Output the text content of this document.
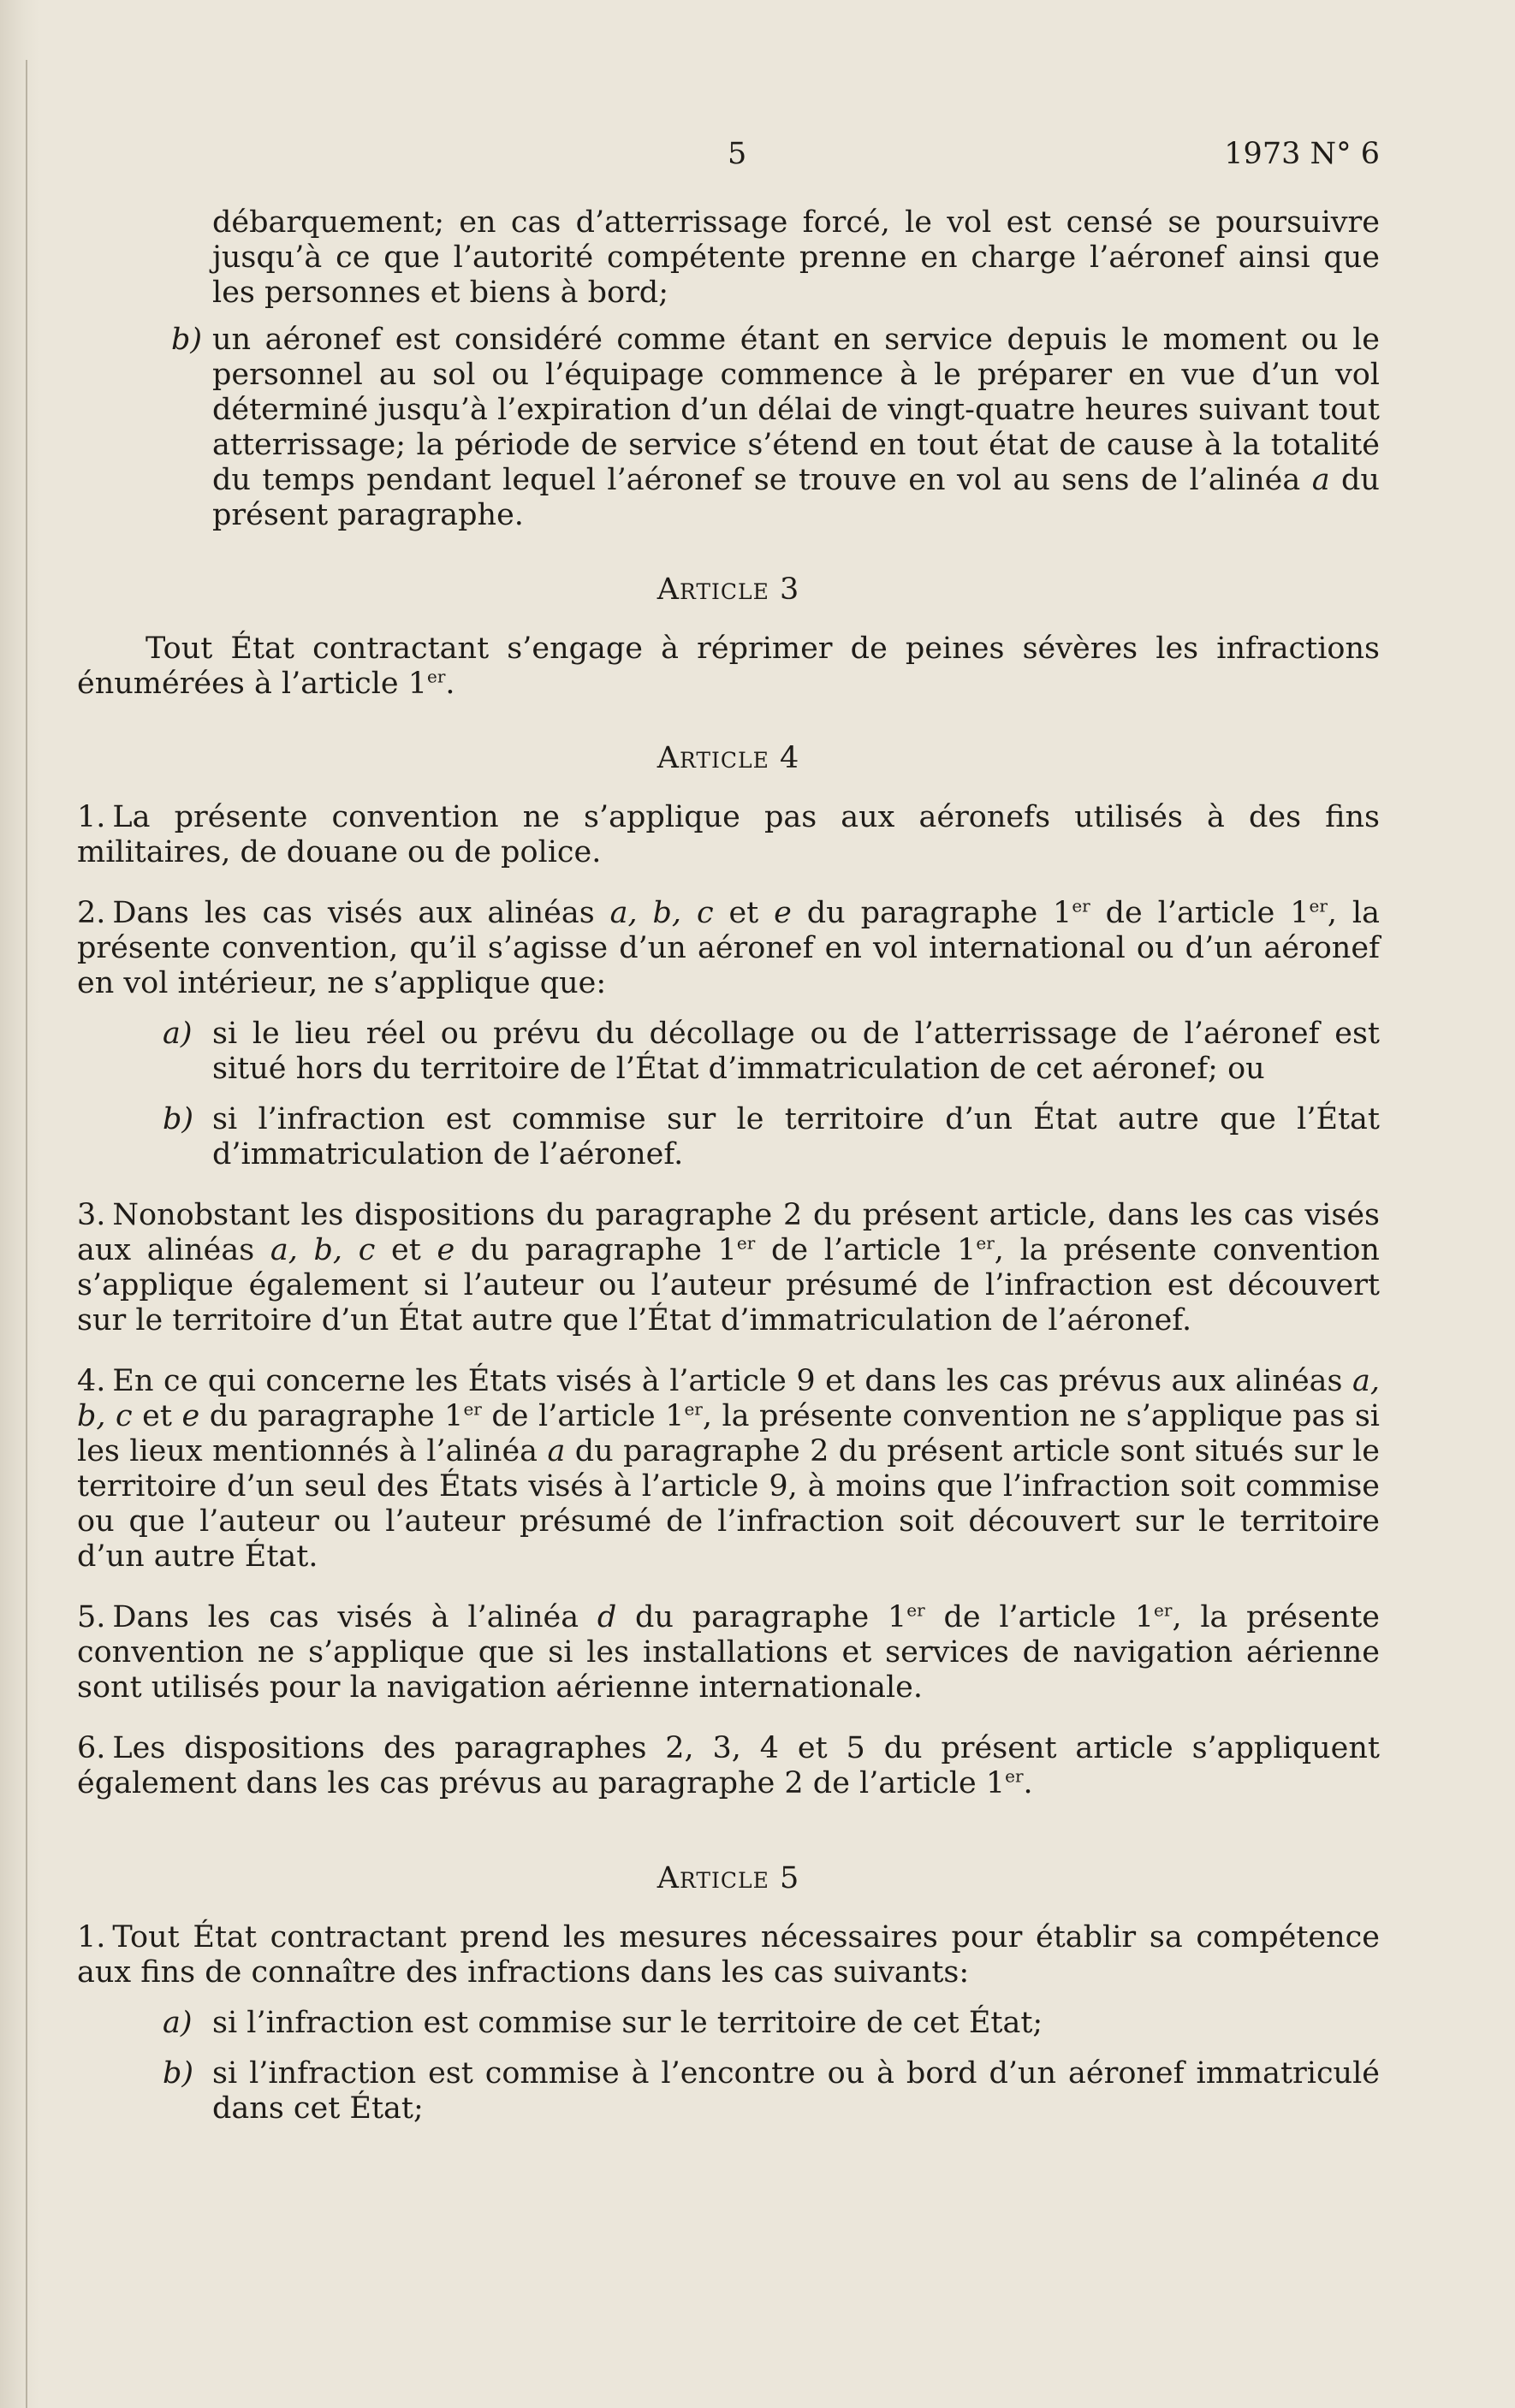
5	1973 N° 6

débarquement; en cas d’atterrissage forcé, le vol est censé se poursuivre jusqu’à ce que l’autorité compétente prenne en charge l’aéronef ainsi que les personnes et biens à bord;

b) un aéronef est considéré comme étant en service depuis le moment ou le personnel au sol ou l’équipage commence à le préparer en vue d’un vol déterminé jusqu’à l’expiration d’un délai de vingt-quatre heures suivant tout atterrissage; la période de service s’étend en tout état de cause à la totalité du temps pendant lequel l’aéronef se trouve en vol au sens de l’alinéa a du présent paragraphe.

Article 3

Tout État contractant s’engage à réprimer de peines sévères les infractions énumérées à l’article 1er.

Article 4

1. La présente convention ne s’applique pas aux aéronefs utilisés à des fins militaires, de douane ou de police.

2. Dans les cas visés aux alinéas a, b, c et e du paragraphe 1er de l’article 1er, la présente convention, qu’il s’agisse d’un aéronef en vol international ou d’un aéronef en vol intérieur, ne s’applique que:

a) si le lieu réel ou prévu du décollage ou de l’atterrissage de l’aéronef est situé hors du territoire de l’État d’immatriculation de cet aéronef; ou

b) si l’infraction est commise sur le territoire d’un État autre que l’État d’immatriculation de l’aéronef.

3. Nonobstant les dispositions du paragraphe 2 du présent article, dans les cas visés aux alinéas a, b, c et e du paragraphe 1er de l’article 1er, la présente convention s’applique également si l’auteur ou l’auteur présumé de l’infraction est découvert sur le territoire d’un État autre que l’État d’immatriculation de l’aéronef.

4. En ce qui concerne les États visés à l’article 9 et dans les cas prévus aux alinéas a, b, c et e du paragraphe 1er de l’article 1er, la présente convention ne s’applique pas si les lieux mentionnés à l’alinéa a du paragraphe 2 du présent article sont situés sur le territoire d’un seul des États visés à l’article 9, à moins que l’infraction soit commise ou que l’auteur ou l’auteur présumé de l’infraction soit découvert sur le territoire d’un autre État.

5. Dans les cas visés à l’alinéa d du paragraphe 1er de l’article 1er, la présente convention ne s’applique que si les installations et services de navigation aérienne sont utilisés pour la navigation aérienne internationale.

6. Les dispositions des paragraphes 2, 3, 4 et 5 du présent article s’appliquent également dans les cas prévus au paragraphe 2 de l’article 1er.

Article 5

1. Tout État contractant prend les mesures nécessaires pour établir sa compétence aux fins de connaître des infractions dans les cas suivants:

a) si l’infraction est commise sur le territoire de cet État;

b) si l’infraction est commise à l’encontre ou à bord d’un aéronef immatriculé dans cet État;
